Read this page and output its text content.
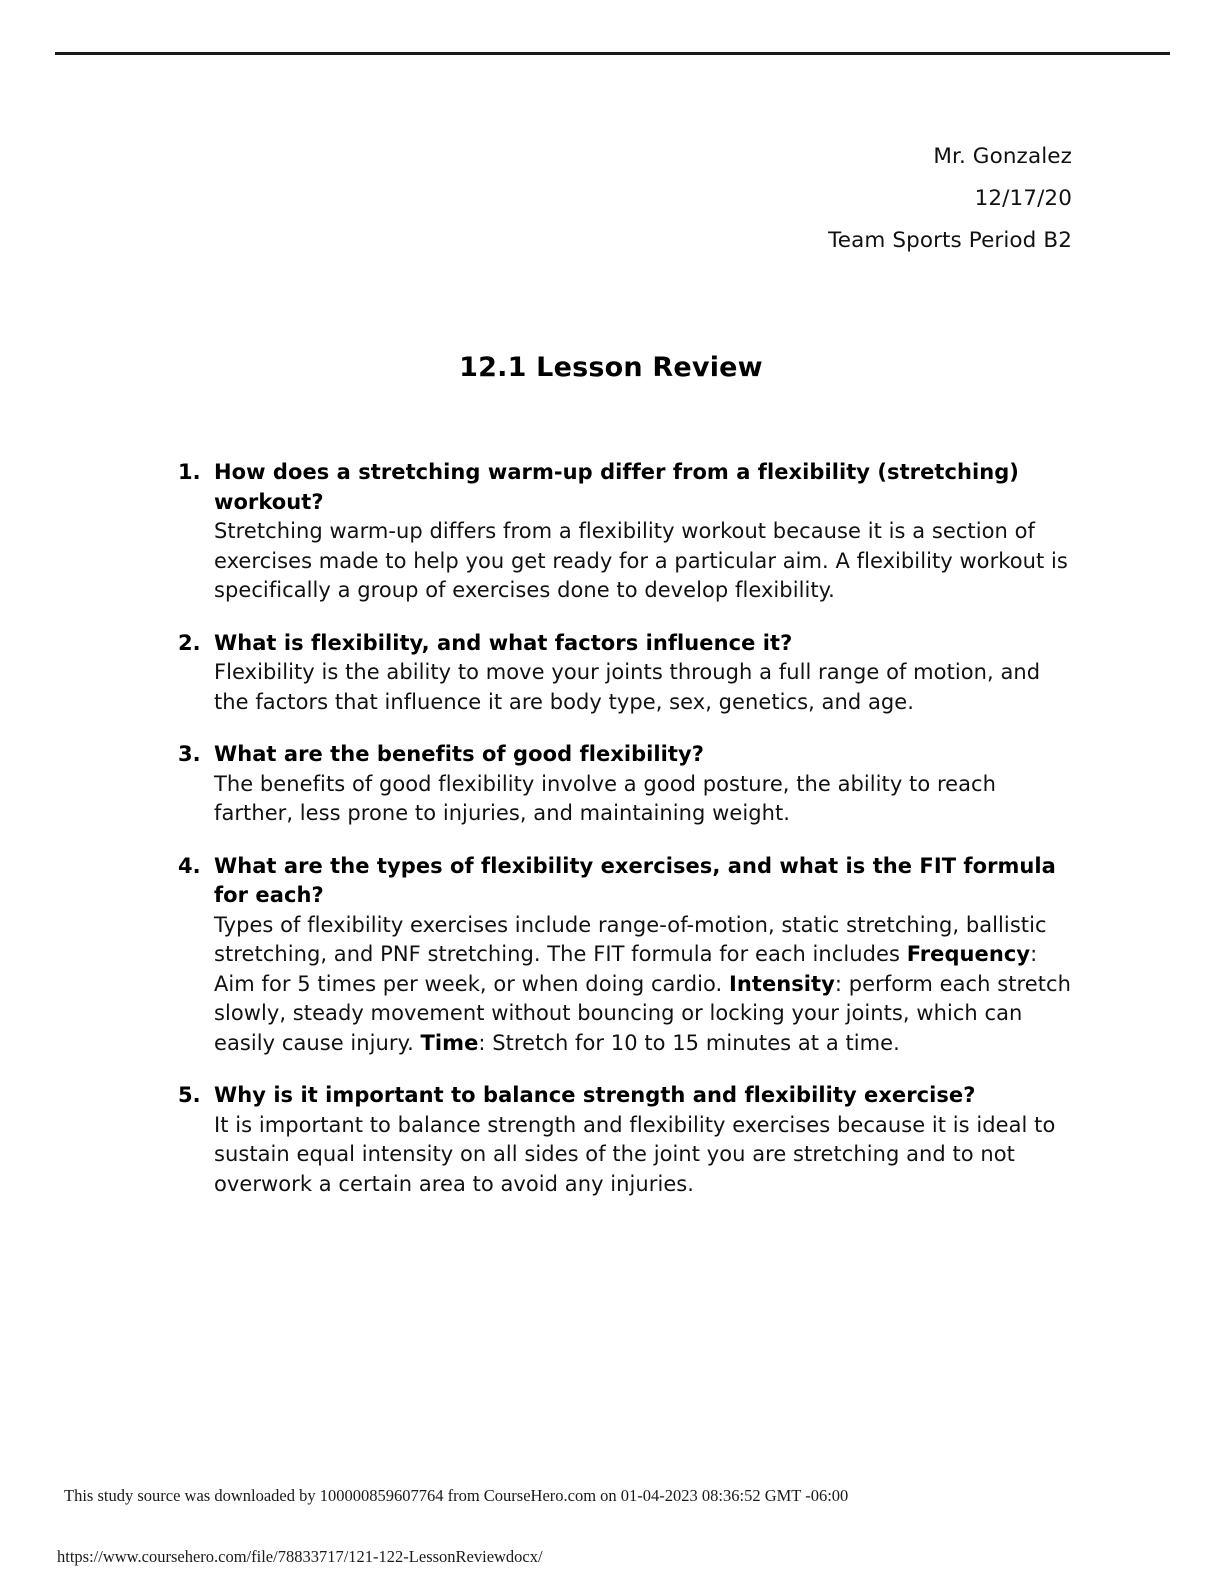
Mr. Gonzalez
12/17/20
Team Sports Period B2
12.1 Lesson Review
1. How does a stretching warm-up differ from a flexibility (stretching) workout?
Stretching warm-up differs from a flexibility workout because it is a section of exercises made to help you get ready for a particular aim. A flexibility workout is specifically a group of exercises done to develop flexibility.
2. What is flexibility, and what factors influence it?
Flexibility is the ability to move your joints through a full range of motion, and the factors that influence it are body type, sex, genetics, and age.
3. What are the benefits of good flexibility?
The benefits of good flexibility involve a good posture, the ability to reach farther, less prone to injuries, and maintaining weight.
4. What are the types of flexibility exercises, and what is the FIT formula for each?
Types of flexibility exercises include range-of-motion, static stretching, ballistic stretching, and PNF stretching. The FIT formula for each includes Frequency: Aim for 5 times per week, or when doing cardio. Intensity: perform each stretch slowly, steady movement without bouncing or locking your joints, which can easily cause injury. Time: Stretch for 10 to 15 minutes at a time.
5. Why is it important to balance strength and flexibility exercise?
It is important to balance strength and flexibility exercises because it is ideal to sustain equal intensity on all sides of the joint you are stretching and to not overwork a certain area to avoid any injuries.
This study source was downloaded by 100000859607764 from CourseHero.com on 01-04-2023 08:36:52 GMT -06:00
https://www.coursehero.com/file/78833717/121-122-LessonReviewdocx/
